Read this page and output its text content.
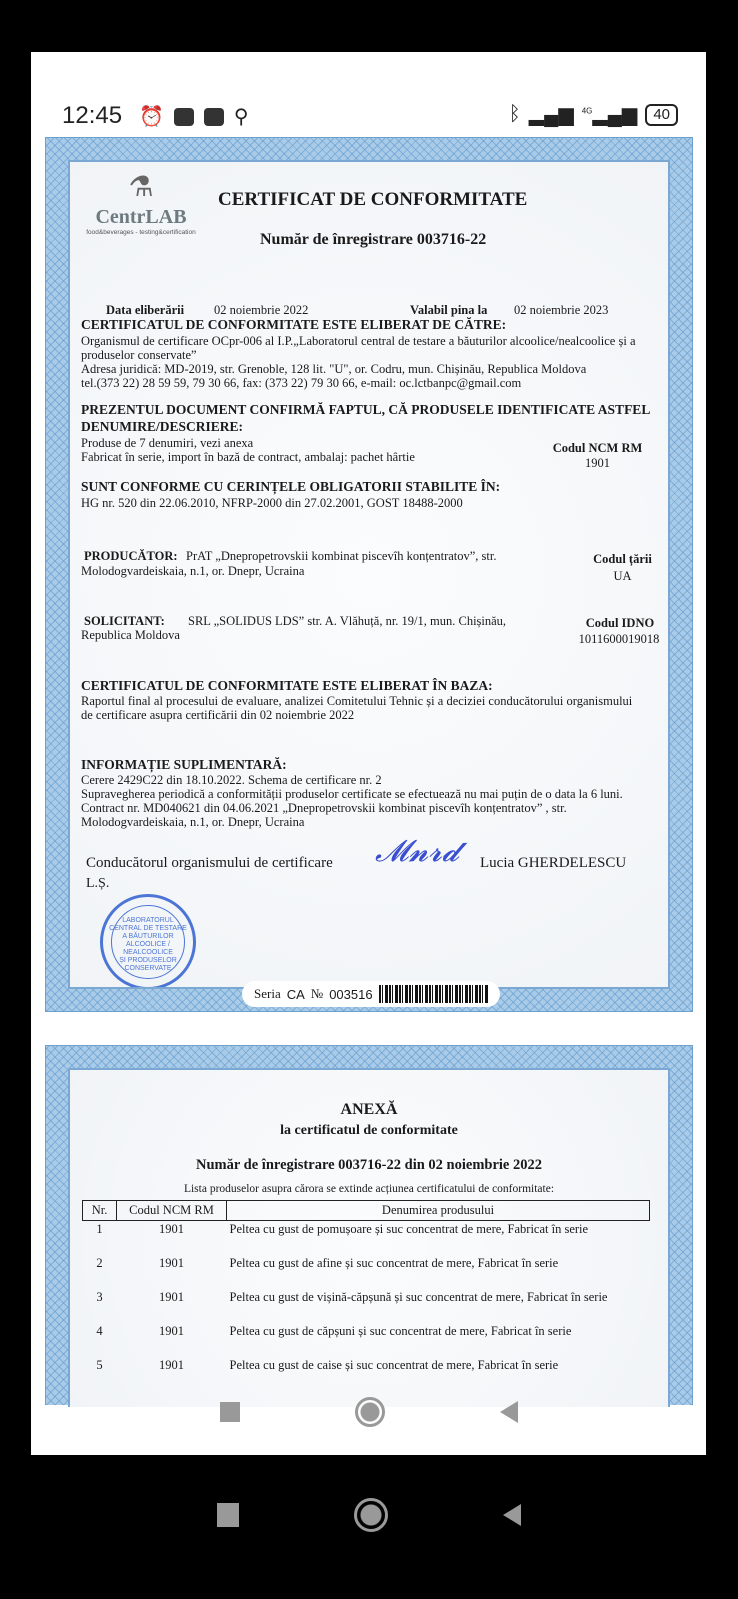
12:45 ⏰	⚲	ᛒ ▂▄▆ $^{4G}$▂▄▆	40
⚗
CentrLAB
food&beverages - testing&certification
CERTIFICAT DE CONFORMITATE
Număr de înregistrare 003716-22
Data eliberării 02 noiembrie 2022	Valabil pina la 02 noiembrie 2023
CERTIFICATUL DE CONFORMITATE ESTE ELIBERAT DE CĂTRE:
Organismul de certificare OCpr-006 al I.P.„Laboratorul central de testare a băuturilor alcoolice/nealcoolice și a
produselor conservate”
Adresa juridică: MD-2019, str. Grenoble, 128 lit. "U", or. Codru, mun. Chișinău, Republica Moldova
tel.(373 22) 28 59 59, 79 30 66, fax: (373 22) 79 30 66, e-mail: oc.lctbanpc@gmail.com
PREZENTUL DOCUMENT CONFIRMĂ FAPTUL, CĂ PRODUSELE IDENTIFICATE ASTFEL
DENUMIRE/DESCRIERE:
Produse de 7 denumiri, vezi anexa
Fabricat în serie, import în bază de contract, ambalaj: pachet hârtie
Codul NCM RM
1901
SUNT CONFORME CU CERINȚELE OBLIGATORII STABILITE ÎN:
HG nr. 520 din 22.06.2010, NFRP-2000 din 27.02.2001, GOST 18488-2000
PRODUCĂTOR: PrAT „Dnepropetrovskii kombinat piscevîh konțentratov”, str.
Molodogvardeiskaia, n.1, or. Dnepr, Ucraina
Codul țării
UA
SOLICITANT: SRL „SOLIDUS LDS” str. A. Vlăhuță, nr. 19/1, mun. Chișinău,
Republica Moldova
Codul IDNO
1011600019018
CERTIFICATUL DE CONFORMITATE ESTE ELIBERAT ÎN BAZA:
Raportul final al procesului de evaluare, analizei Comitetului Tehnic și a deciziei conducătorului organismului
de certificare asupra certificării din 02 noiembrie 2022
INFORMAȚIE SUPLIMENTARĂ:
Cerere 2429C22 din 18.10.2022. Schema de certificare nr. 2
Supravegherea periodică a conformității produselor certificate se efectuează nu mai puțin de o data la 6 luni.
Contract nr. MD040621 din 04.06.2021 „Dnepropetrovskii kombinat piscevîh konțentratov” , str.
Molodogvardeiskaia, n.1, or. Dnepr, Ucraina
Conducătorul organismului de certificare 𝓜𝓷𝓻𝓭 Lucia GHERDELESCU
L.Ș.
LABORATORUL
CENTRAL DE TESTARE
A BĂUTURILOR
ALCOOLICE / NEALCOOLICE
ȘI PRODUSELOR
CONSERVATE
Seria CA № 003516
ANEXĂ
la certificatul de conformitate
Număr de înregistrare 003716-22 din 02 noiembrie 2022
Lista produselor asupra cărora se extinde acțiunea certificatului de conformitate:
Nr.	Codul NCM RM	Denumirea produsului
1	1901	Peltea cu gust de pomușoare și suc concentrat de mere, Fabricat în serie
2	1901	Peltea cu gust de afine și suc concentrat de mere, Fabricat în serie
3	1901	Peltea cu gust de vișină-căpșună și suc concentrat de mere, Fabricat în serie
4	1901	Peltea cu gust de căpșuni și suc concentrat de mere, Fabricat în serie
5	1901	Peltea cu gust de caise și suc concentrat de mere, Fabricat în serie
